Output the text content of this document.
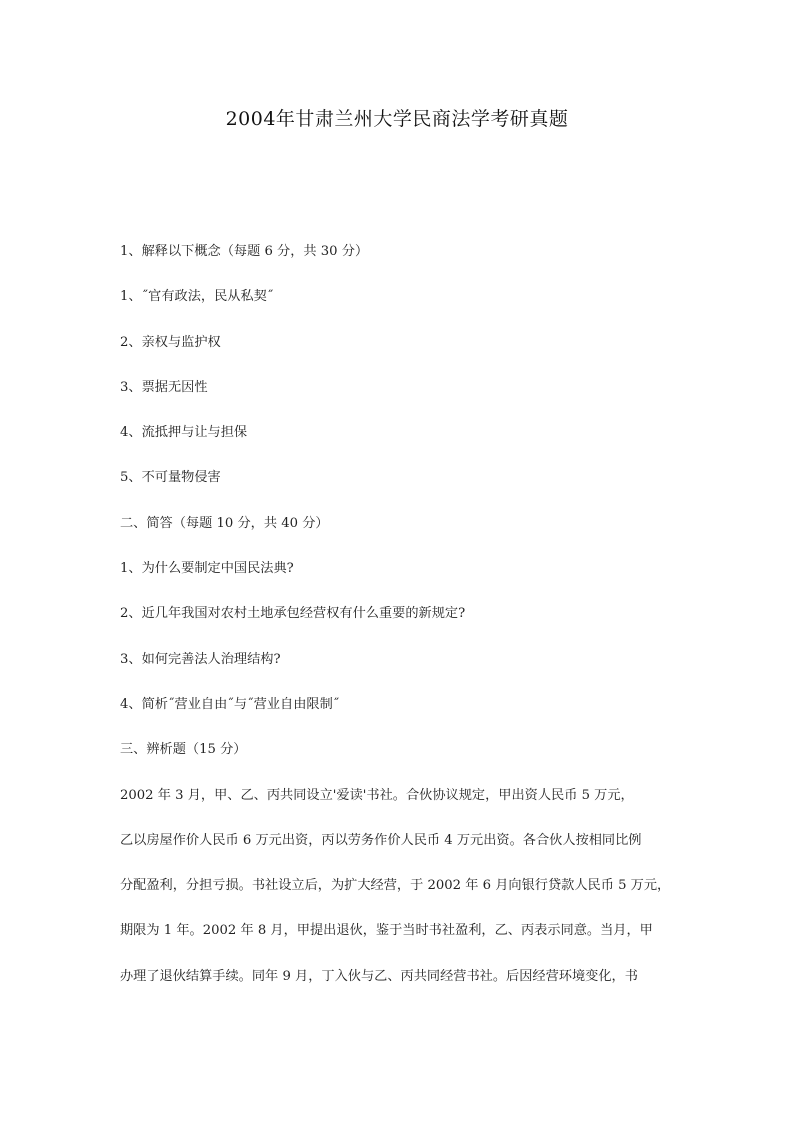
2004年甘肃兰州大学民商法学考研真题
1、解释以下概念（每题 6 分，共 30 分）
1、˝官有政法，民从私契˝
2、亲权与监护权
3、票据无因性
4、流抵押与让与担保
5、不可量物侵害
二、简答（每题 10 分，共 40 分）
1、为什么要制定中国民法典?
2、近几年我国对农村土地承包经营权有什么重要的新规定?
3、如何完善法人治理结构?
4、简析˝营业自由˝与˝营业自由限制˝
三、辨析题（15 分）
2002 年 3 月，甲、乙、丙共同设立'爱读'书社。合伙协议规定，甲出资人民币 5 万元，
乙以房屋作价人民币 6 万元出资，丙以劳务作价人民币 4 万元出资。各合伙人按相同比例
分配盈利，分担亏损。书社设立后，为扩大经营，于 2002 年 6 月向银行贷款人民币 5 万元，
期限为 1 年。2002 年 8 月，甲提出退伙，鉴于当时书社盈利，乙、丙表示同意。当月，甲
办理了退伙结算手续。同年 9 月，丁入伙与乙、丙共同经营书社。后因经营环境变化，书
